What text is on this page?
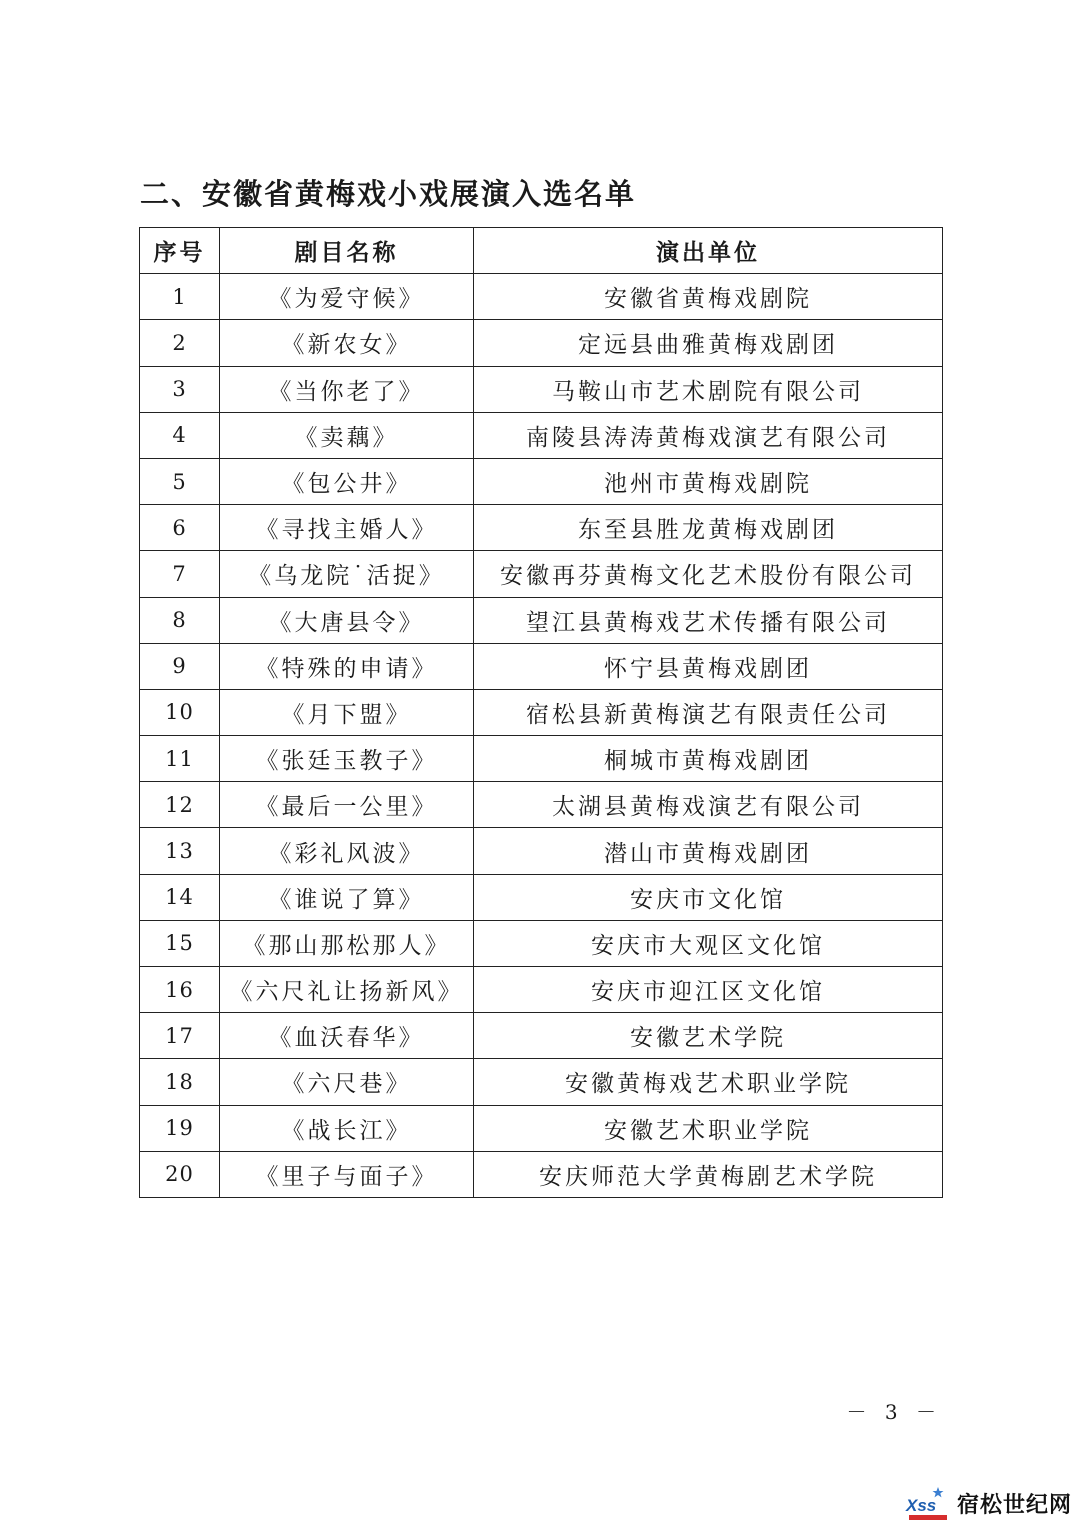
二、安徽省黄梅戏小戏展演入选名单
序号	剧目名称	演出单位
1	《为爱守候》	安徽省黄梅戏剧院
2	《新农女》	定远县曲雅黄梅戏剧团
3	《当你老了》	马鞍山市艺术剧院有限公司
4	《卖藕》	南陵县涛涛黄梅戏演艺有限公司
5	《包公井》	池州市黄梅戏剧院
6	《寻找主婚人》	东至县胜龙黄梅戏剧团
7	《乌龙院˙活捉》	安徽再芬黄梅文化艺术股份有限公司
8	《大唐县令》	望江县黄梅戏艺术传播有限公司
9	《特殊的申请》	怀宁县黄梅戏剧团
10	《月下盟》	宿松县新黄梅演艺有限责任公司
11	《张廷玉教子》	桐城市黄梅戏剧团
12	《最后一公里》	太湖县黄梅戏演艺有限公司
13	《彩礼风波》	潜山市黄梅戏剧团
14	《谁说了算》	安庆市文化馆
15	《那山那松那人》	安庆市大观区文化馆
16	《六尺礼让扬新风》	安庆市迎江区文化馆
17	《血沃春华》	安徽艺术学院
18	《六尺巷》	安徽黄梅戏艺术职业学院
19	《战长江》	安徽艺术职业学院
20	《里子与面子》	安庆师范大学黄梅剧艺术学院
－ 3 －
Xss 宿松世纪网
